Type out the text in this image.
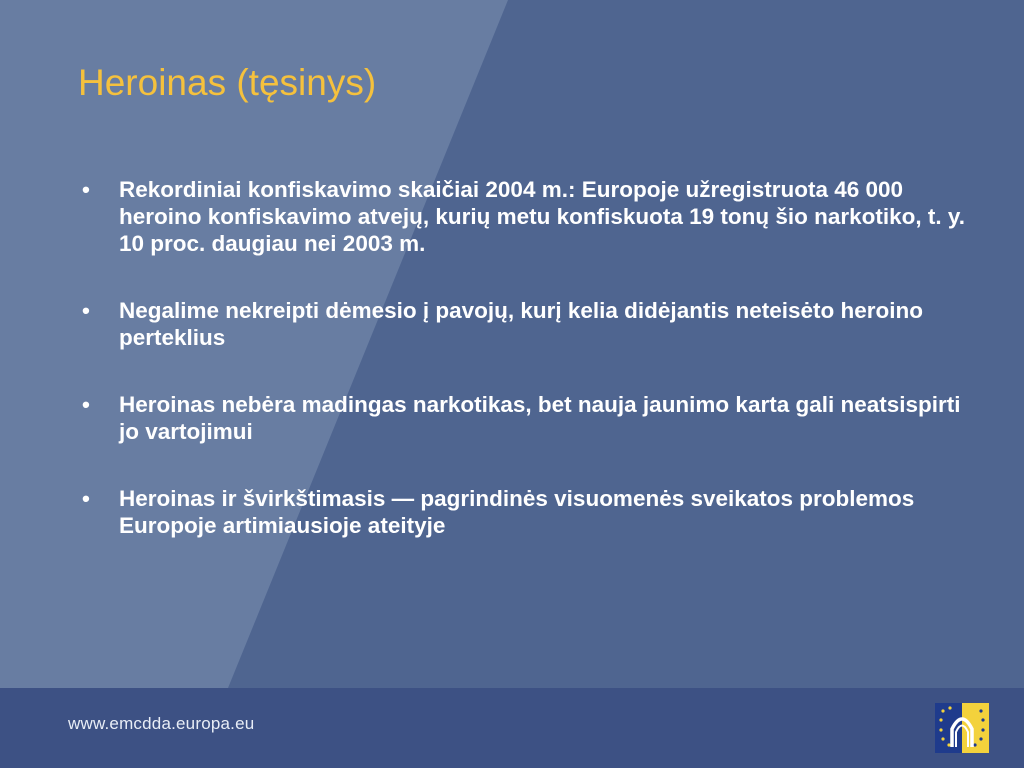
Heroinas (tęsinys)
• Rekordiniai konfiskavimo skaičiai 2004 m.: Europoje užregistruota 46 000 heroino konfiskavimo atvejų, kurių metu konfiskuota 19 tonų šio narkotiko, t. y. 10 proc. daugiau nei 2003 m.
• Negalime nekreipti dėmesio į pavojų, kurį kelia didėjantis neteisėto heroino perteklius
• Heroinas nebėra madingas narkotikas, bet nauja jaunimo karta gali neatsispirti jo vartojimui
• Heroinas ir švirkštimasis — pagrindinės visuomenės sveikatos problemos Europoje artimiausioje ateityje
www.emcdda.europa.eu
